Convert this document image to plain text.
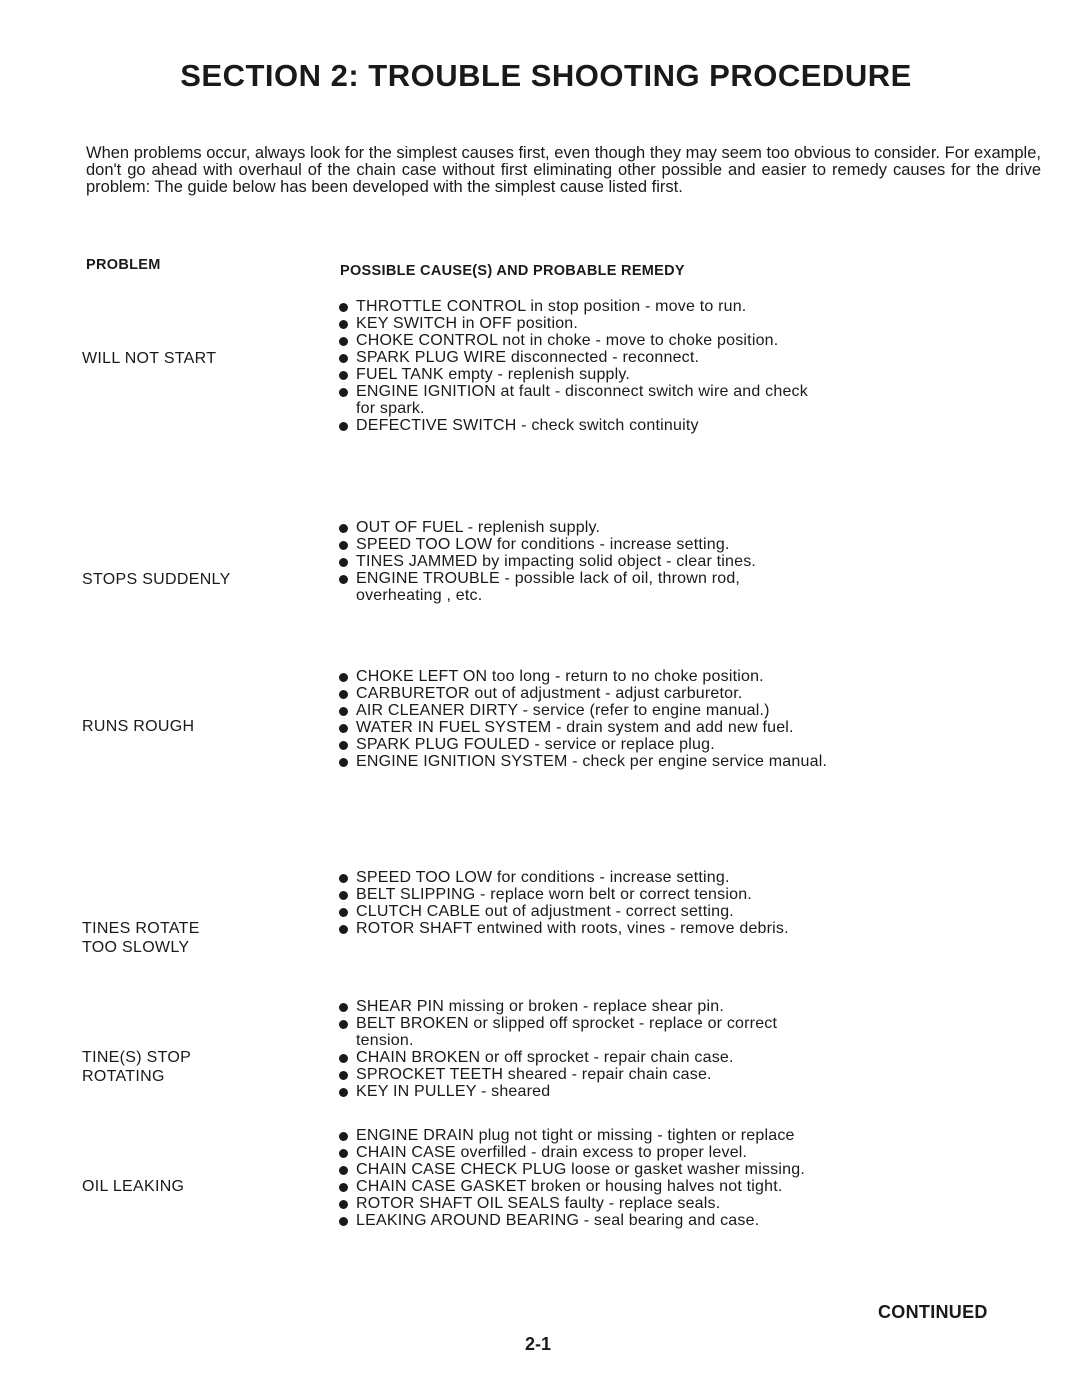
SECTION 2: TROUBLE SHOOTING PROCEDURE
When problems occur, always look for the simplest causes first, even though they may seem too obvious to consider. For example, don't go ahead with overhaul of the chain case without first eliminating other possible and easier to remedy causes for the drive problem: The guide below has been developed with the simplest cause listed first.
PROBLEM	POSSIBLE CAUSE(S) AND PROBABLE REMEDY
WILL NOT START
THROTTLE CONTROL in stop position - move to run.
KEY SWITCH in OFF position.
CHOKE CONTROL not in choke - move to choke position.
SPARK PLUG WIRE disconnected - reconnect.
FUEL TANK empty - replenish supply.
ENGINE IGNITION at fault - disconnect switch wire and check for spark.
DEFECTIVE SWITCH - check switch continuity
STOPS SUDDENLY
OUT OF FUEL - replenish supply.
SPEED TOO LOW for conditions - increase setting.
TINES JAMMED by impacting solid object - clear tines.
ENGINE TROUBLE - possible lack of oil, thrown rod, overheating , etc.
RUNS ROUGH
CHOKE LEFT ON too long - return to no choke position.
CARBURETOR out of adjustment - adjust carburetor.
AIR CLEANER DIRTY - service (refer to engine manual.)
WATER IN FUEL SYSTEM - drain system and add new fuel.
SPARK PLUG FOULED - service or replace plug.
ENGINE IGNITION SYSTEM - check per engine service manual.
TINES ROTATE TOO SLOWLY
SPEED TOO LOW for conditions - increase setting.
BELT SLIPPING - replace worn belt or correct tension.
CLUTCH CABLE out of adjustment - correct setting.
ROTOR SHAFT entwined with roots, vines - remove debris.
TINE(S) STOP ROTATING
SHEAR PIN missing or broken - replace shear pin.
BELT BROKEN or slipped off sprocket - replace or correct tension.
CHAIN BROKEN or off sprocket - repair chain case.
SPROCKET TEETH sheared - repair chain case.
KEY IN PULLEY - sheared
OIL LEAKING
ENGINE DRAIN plug not tight or missing - tighten or replace
CHAIN CASE overfilled - drain excess to proper level.
CHAIN CASE CHECK PLUG loose or gasket washer missing.
CHAIN CASE GASKET broken or housing halves not tight.
ROTOR SHAFT OIL SEALS faulty - replace seals.
LEAKING AROUND BEARING - seal bearing and case.
CONTINUED
2-1
